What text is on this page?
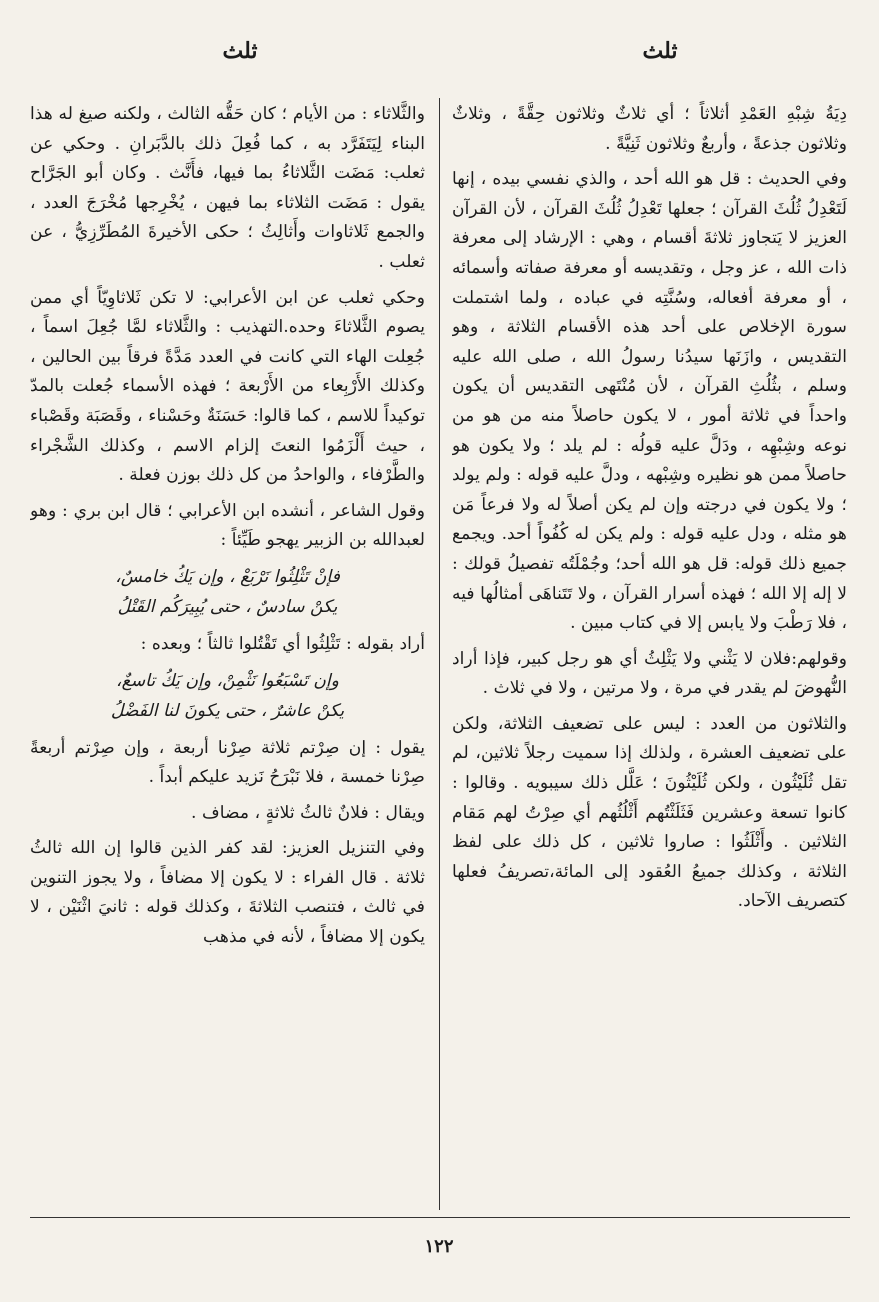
ثلث
ثلث

دِيَةُ شِبْهِ العَمْدِ أثلاثاً ؛ أي ثلاثٌ وثلاثون حِقَّةً ، وثلاثٌ وثلاثون جذعةً ، وأربعٌ وثلاثون ثَنِيَّةً .

وفي الحديث : قل هو الله أحد ، والذي نفسي بيده ، إنها لَتَعْدِلُ ثُلُثَ القرآن ؛ جعلها تَعْدِلُ ثُلُثَ القرآن ، لأن القرآن العزيز لا يَتجاوز ثلاثةَ أقسام ، وهي : الإرشاد إلى معرفة ذات الله ، عز وجل ، وتقديسه أو معرفة صفاته وأسمائه ، أو معرفة أفعاله، وسُنَّتِه في عباده ، ولما اشتملت سورة الإخلاص على أحد هذه الأقسام الثلاثة ، وهو التقديس ، وازَنَها سيدُنا رسولُ الله ، صلى الله عليه وسلم ، بثُلُثِ القرآن ، لأن مُنْتَهى التقديس أن يكون واحداً في ثلاثة أمور ، لا يكون حاصلاً منه من هو من نوعه وشِبْهِه ، ودَلَّ عليه قولُه : لم يلد ؛ ولا يكون هو حاصلاً ممن هو نظيره وشِبْهه ، ودلَّ عليه قوله : ولم يولد ؛ ولا يكون في درجته وإن لم يكن أصلاً له ولا فرعاً مَن هو مثله ، ودل عليه قوله : ولم يكن له كُفُواً أحد. ويجمع جميع ذلك قوله: قل هو الله أحد؛ وجُمْلَتُه تفصيلُ قولك : لا إله إلا الله ؛ فهذه أسرار القرآن ، ولا تَتَناهَى أمثالُها فيه ، فلا رَطْبَ ولا يابس إلا في كتاب مبين .

وقولهم:فلان لا يَثْني ولا يَثْلِثُ أي هو رجل كبير، فإذا أراد النُّهوضَ لم يقدر في مرة ، ولا مرتين ، ولا في ثلاث .

والثلاثون من العدد : ليس على تضعيف الثلاثة، ولكن على تضعيف العشرة ، ولذلك إذا سميت رجلاً ثلاثين، لم تقل ثُلَيْثُون ، ولكن ثُلَيْثُونَ ؛ عَلَّل ذلك سيبويه . وقالوا : كانوا تسعة وعشرين فَثَلَثْتُهم أَثْلُثُهم أي صِرْتُ لهم مَقام الثلاثين . وأَثْلَثُوا : صاروا ثلاثين ، كل ذلك على لفظ الثلاثة ، وكذلك جميعُ العُقود إلى المائة،تصريفُ فعلها كتصريف الآحاد.

والثَّلاثاء : من الأيام ؛ كان حَقُّه الثالث ، ولكنه صيغ له هذا البناء لِيَتَفَرَّد به ، كما فُعِلَ ذلك بالدَّبَرانِ . وحكي عن ثعلب: مَضَت الثَّلاثاءُ بما فيها، فأَنَّث . وكان أبو الجَرَّاح يقول : مَضَت الثلاثاء بما فيهن ، يُخْرِجها مُخْرَجَ العدد ، والجمع ثَلاثاوات وأَثالِثُ ؛ حكى الأخيرةَ المُطَرِّزِيُّ ، عن ثعلب .

وحكي ثعلب عن ابن الأعرابي: لا تكن ثَلاثاوِيّاً أي ممن يصوم الثَّلاثاءَ وحده.التهذيب : والثَّلاثاء لمَّا جُعِلَ اسماً ، جُعِلت الهاء التي كانت في العدد مَدَّةً فرقاً بين الحالين ، وكذلك الأَرْبِعاء من الأَرْبعة ؛ فهذه الأسماء جُعلت بالمدّ توكيداً للاسم ، كما قالوا: حَسَنَةٌ وحَسْناء ، وقَصَبَة وقَصْباء ، حيث أَلْزَمُوا النعتَ إلزام الاسم ، وكذلك الشَّجْراء والطَّرْفاء ، والواحدُ من كل ذلك بوزن فعلة .

وقول الشاعر ، أنشده ابن الأعرابي ؛ قال ابن بري : وهو لعبدالله بن الزبير يهجو طَيِّئاً :

فإنْ تَثْلِثُوا نَرْبَعْ ، وإن يَكُ خامسٌ،
يكنْ سادسٌ ، حتى يُبِيرَكُم القَتْلُ

أراد بقوله : تَثْلِثُوا أي تَقْتُلوا ثالثاً ؛ وبعده :

وإن تَسْبَعُوا نَثْمِنْ، وإن يَكُ تاسعٌ،
يكنْ عاشرٌ ، حتى يكونَ لنا الفَضْلُ

يقول : إن صِرْتم ثلاثة صِرْنا أربعة ، وإن صِرْتم أربعةً صِرْنا خمسة ، فلا نَبْرَحُ نَزيد عليكم أبداً .

ويقال : فلانٌ ثالثُ ثلاثةٍ ، مضاف .

وفي التنزيل العزيز: لقد كفر الذين قالوا إن الله ثالثُ ثلاثة . قال الفراء : لا يكون إلا مضافاً ، ولا يجوز التنوين في ثالث ، فتنصب الثلاثةَ ، وكذلك قوله : ثانيَ اثْنَيْن ، لا يكون إلا مضافاً ، لأنه في مذهب

١٢٢
